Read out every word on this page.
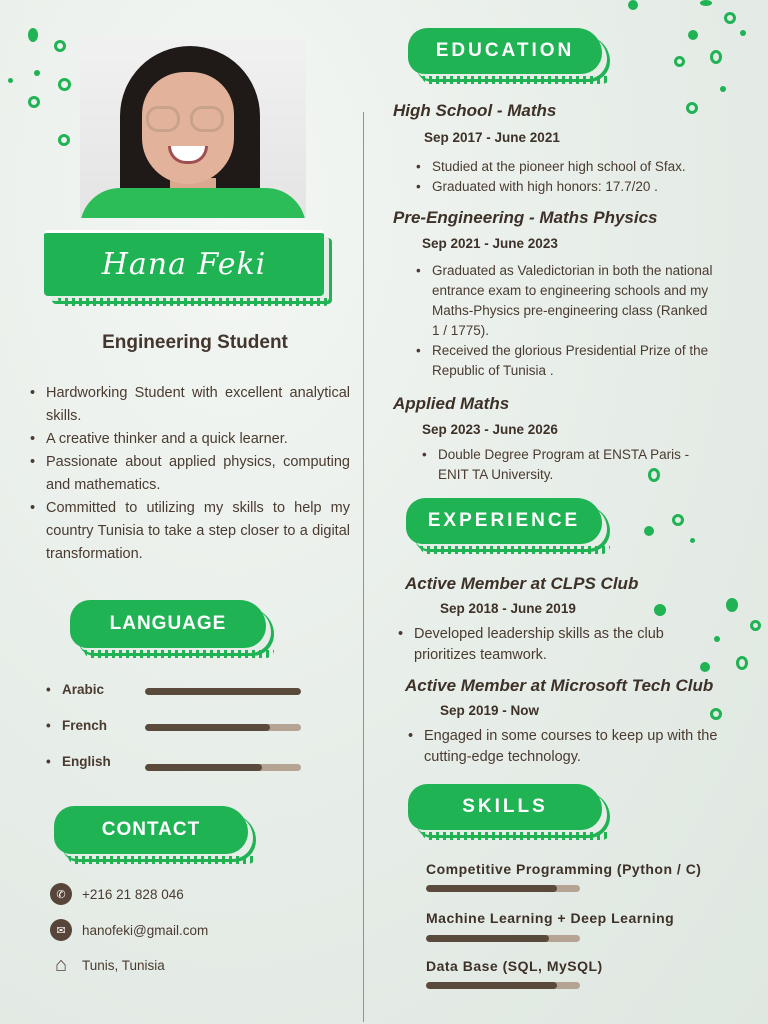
Hana Feki
Engineering Student
• Hardworking Student with excellent analytical skills.
• A creative thinker and a quick learner.
• Passionate about applied physics, computing and mathematics.
• Committed to utilizing my skills to help my country Tunisia to take a step closer to a digital transformation.
LANGUAGE
• Arabic
• French
• English
CONTACT
✆	+216 21 828 046
✉	hanofeki@gmail.com
⌂	Tunis, Tunisia
EDUCATION
High School - Maths
Sep 2017 - June 2021
• Studied at the pioneer high school of Sfax.
• Graduated with high honors: 17.7/20 .
Pre-Engineering - Maths Physics
Sep 2021 - June 2023
• Graduated as Valedictorian in both the national entrance exam to engineering schools and my Maths-Physics pre-engineering class (Ranked 1 / 1775).
• Received the glorious Presidential Prize of the Republic of Tunisia .
Applied Maths
Sep 2023 - June 2026
• Double Degree Program at ENSTA Paris - ENIT TA University.
EXPERIENCE
Active Member at CLPS Club
Sep 2018 - June 2019
• Developed leadership skills as the club prioritizes teamwork.
Active Member at Microsoft Tech Club
Sep 2019 - Now
• Engaged in some courses to keep up with the cutting-edge technology.
SKILLS
Competitive Programming (Python / C)
Machine Learning + Deep Learning
Data Base (SQL, MySQL)
